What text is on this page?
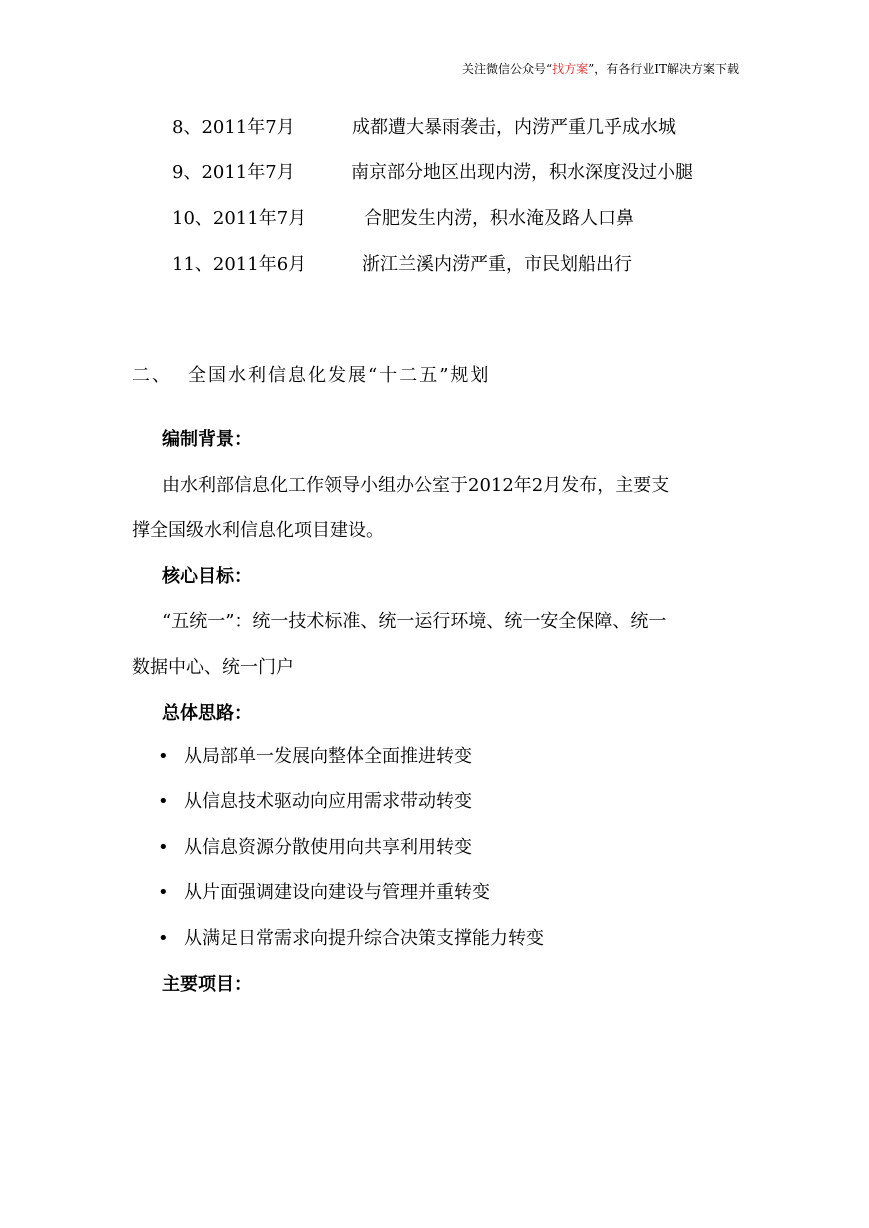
关注微信公众号“找方案”，有各行业IT解决方案下载
8、2011年7月	成都遭大暴雨袭击，内涝严重几乎成水城
9、2011年7月	南京部分地区出现内涝，积水深度没过小腿
10、2011年7月	合肥发生内涝，积水淹及路人口鼻
11、2011年6月	浙江兰溪内涝严重，市民划船出行
二、 全国水利信息化发展“十二五”规划
编制背景：
由水利部信息化工作领导小组办公室于2012年2月发布，主要支
撑全国级水利信息化项目建设。
核心目标：
“五统一”：统一技术标准、统一运行环境、统一安全保障、统一
数据中心、统一门户
总体思路：
• 从局部单一发展向整体全面推进转变
• 从信息技术驱动向应用需求带动转变
• 从信息资源分散使用向共享利用转变
• 从片面强调建设向建设与管理并重转变
• 从满足日常需求向提升综合决策支撑能力转变
主要项目：
